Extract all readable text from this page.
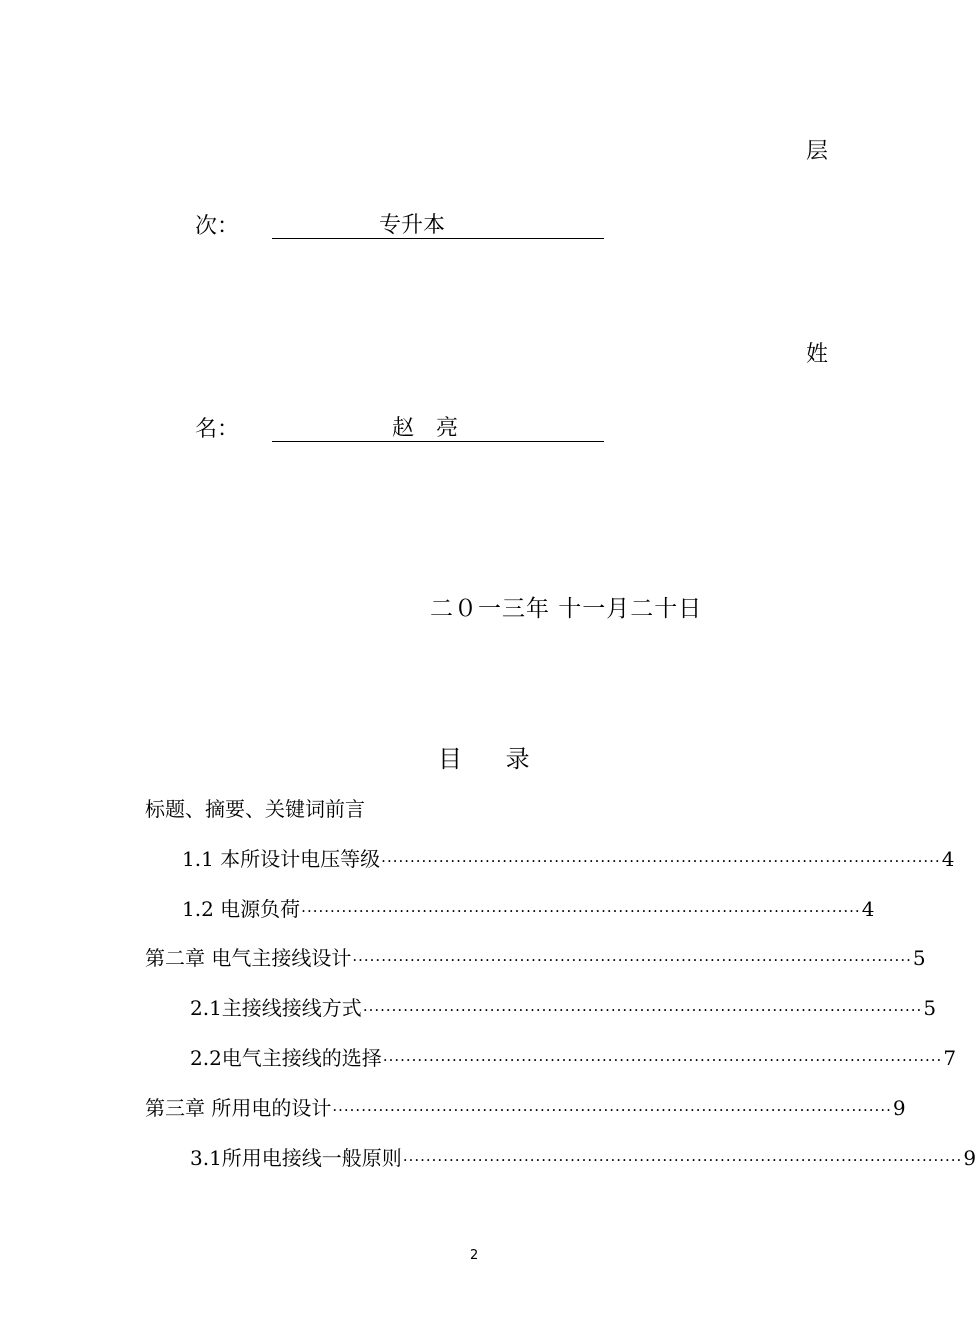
层
次：	专升本
姓
名：	赵　亮
二０一三年 十一月二十日
目 录
标题、摘要、关键词前言
1.1 本所设计电压等级 ································································································· 4
1.2 电源负荷 ································································································· 4
第二章 电气主接线设计 ································································································· 5
2.1主接线接线方式 ································································································· 5
2.2电气主接线的选择 ································································································· 7
第三章 所用电的设计 ································································································· 9
3.1所用电接线一般原则 ································································································· 9
2
